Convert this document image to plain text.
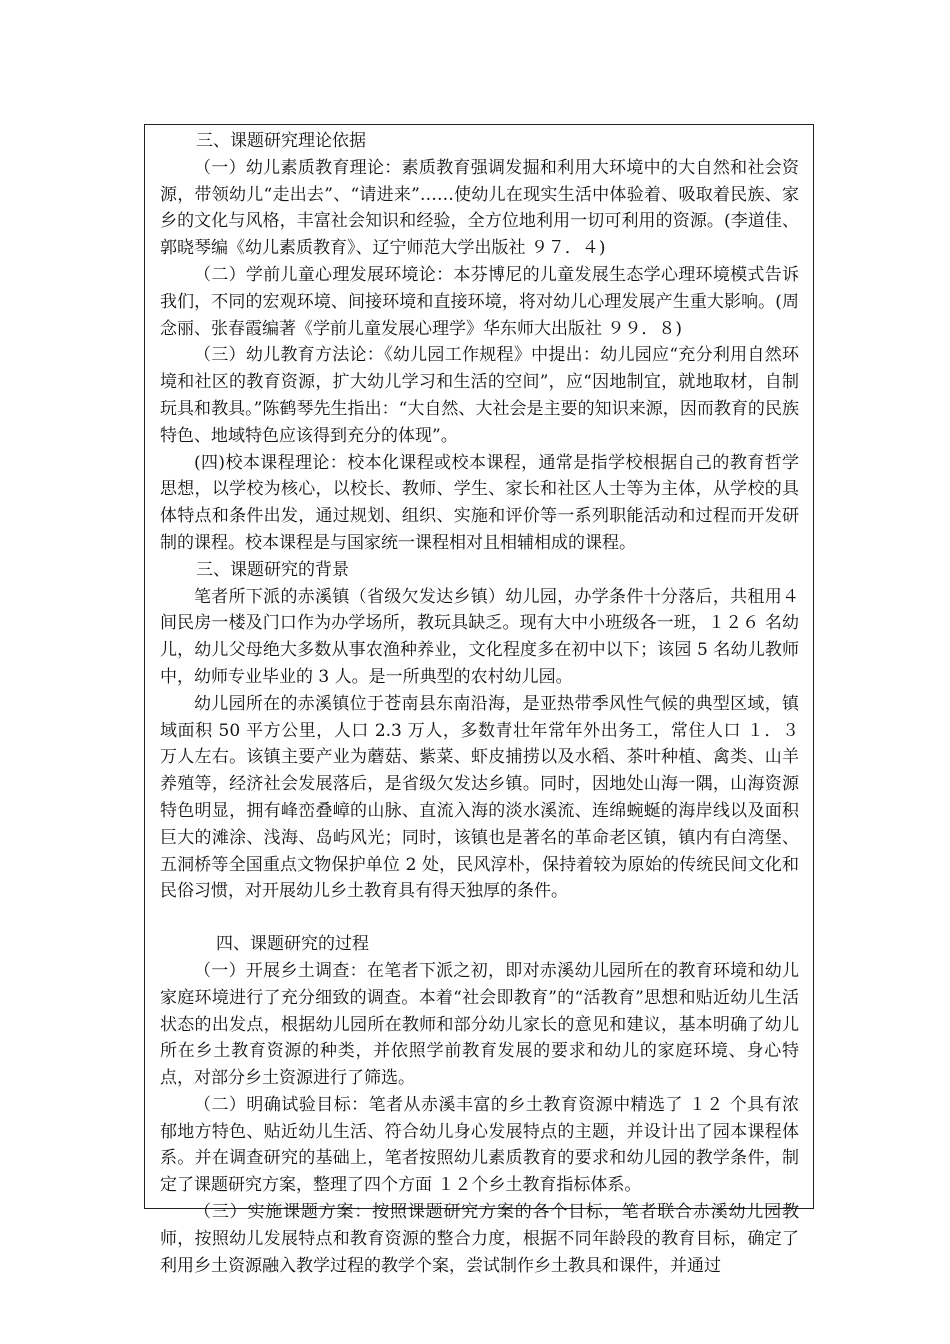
三、课题研究理论依据

（一）幼儿素质教育理论：素质教育强调发掘和利用大环境中的大自然和社会资源，带领幼儿“走出去”、“请进来”……使幼儿在现实生活中体验着、吸取着民族、家乡的文化与风格，丰富社会知识和经验，全方位地利用一切可利用的资源。(李道佳、郭晓琴编《幼儿素质教育》、辽宁师范大学出版社 ９７．４)

（二）学前儿童心理发展环境论：本芬博尼的儿童发展生态学心理环境模式告诉我们，不同的宏观环境、间接环境和直接环境，将对幼儿心理发展产生重大影响。(周念丽、张春霞编著《学前儿童发展心理学》华东师大出版社 ９９．８)

（三）幼儿教育方法论：《幼儿园工作规程》中提出：幼儿园应“充分利用自然环境和社区的教育资源，扩大幼儿学习和生活的空间”，应“因地制宜，就地取材，自制玩具和教具。”陈鹤琴先生指出：“大自然、大社会是主要的知识来源，因而教育的民族特色、地域特色应该得到充分的体现”。

(四)校本课程理论：校本化课程或校本课程，通常是指学校根据自己的教育哲学思想，以学校为核心，以校长、教师、学生、家长和社区人士等为主体，从学校的具体特点和条件出发，通过规划、组织、实施和评价等一系列职能活动和过程而开发研制的课程。校本课程是与国家统一课程相对且相辅相成的课程。

三、课题研究的背景

笔者所下派的赤溪镇（省级欠发达乡镇）幼儿园，办学条件十分落后，共租用４ 间民房一楼及门口作为办学场所，教玩具缺乏。现有大中小班级各一班，１２６ 名幼儿，幼儿父母绝大多数从事农渔种养业，文化程度多在初中以下；该园 5 名幼儿教师中，幼师专业毕业的 3 人。是一所典型的农村幼儿园。

幼儿园所在的赤溪镇位于苍南县东南沿海，是亚热带季风性气候的典型区域，镇域面积 50 平方公里，人口 2.3 万人，多数青壮年常年外出务工，常住人口 １．３ 万人左右。该镇主要产业为蘑菇、紫菜、虾皮捕捞以及水稻、茶叶种植、禽类、山羊养殖等，经济社会发展落后，是省级欠发达乡镇。同时，因地处山海一隅，山海资源特色明显，拥有峰峦叠嶂的山脉、直流入海的淡水溪流、连绵蜿蜒的海岸线以及面积巨大的滩涂、浅海、岛屿风光；同时，该镇也是著名的革命老区镇，镇内有白湾堡、五洞桥等全国重点文物保护单位 2 处，民风淳朴，保持着较为原始的传统民间文化和民俗习惯，对开展幼儿乡土教育具有得天独厚的条件。

四、课题研究的过程

（一）开展乡土调查：在笔者下派之初，即对赤溪幼儿园所在的教育环境和幼儿家庭环境进行了充分细致的调查。本着“社会即教育”的“活教育”思想和贴近幼儿生活状态的出发点，根据幼儿园所在教师和部分幼儿家长的意见和建议，基本明确了幼儿所在乡土教育资源的种类，并依照学前教育发展的要求和幼儿的家庭环境、身心特点，对部分乡土资源进行了筛选。

（二）明确试验目标：笔者从赤溪丰富的乡土教育资源中精选了 １２ 个具有浓郁地方特色、贴近幼儿生活、符合幼儿身心发展特点的主题，并设计出了园本课程体系。并在调查研究的基础上，笔者按照幼儿素质教育的要求和幼儿园的教学条件，制定了课题研究方案，整理了四个方面 １２个乡土教育指标体系。

（三）实施课题方案：按照课题研究方案的各个目标，笔者联合赤溪幼儿园教师，按照幼儿发展特点和教育资源的整合力度，根据不同年龄段的教育目标，确定了利用乡土资源融入教学过程的教学个案，尝试制作乡土教具和课件，并通过
